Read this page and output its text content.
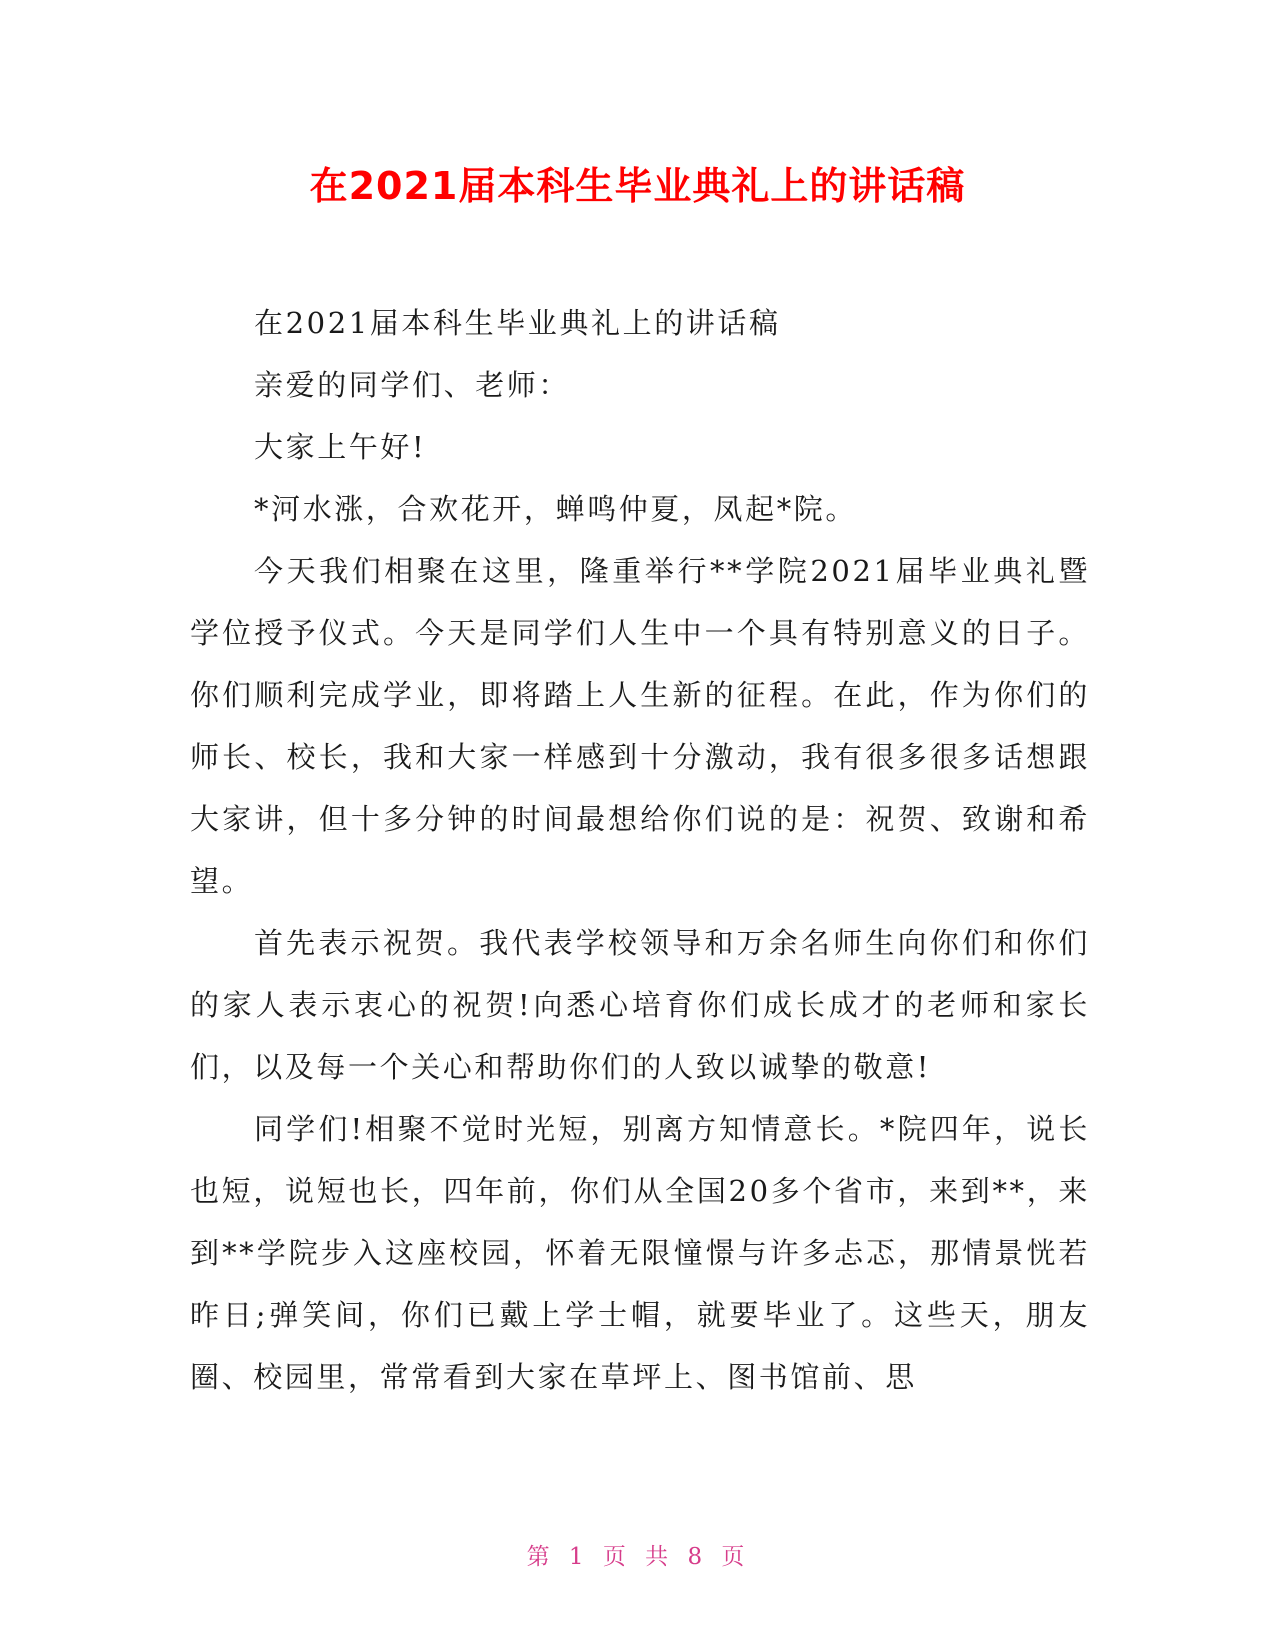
在2021届本科生毕业典礼上的讲话稿

在2021届本科生毕业典礼上的讲话稿

亲爱的同学们、老师：

大家上午好!

*河水涨，合欢花开，蝉鸣仲夏，凤起*院。

今天我们相聚在这里，隆重举行**学院2021届毕业典礼暨学位授予仪式。今天是同学们人生中一个具有特别意义的日子。你们顺利完成学业，即将踏上人生新的征程。在此，作为你们的师长、校长，我和大家一样感到十分激动，我有很多很多话想跟大家讲，但十多分钟的时间最想给你们说的是：祝贺、致谢和希望。

首先表示祝贺。我代表学校领导和万余名师生向你们和你们的家人表示衷心的祝贺!向悉心培育你们成长成才的老师和家长们，以及每一个关心和帮助你们的人致以诚挚的敬意!

同学们!相聚不觉时光短，别离方知情意长。*院四年，说长也短，说短也长，四年前，你们从全国20多个省市，来到**，来到**学院步入这座校园，怀着无限憧憬与许多忐忑，那情景恍若昨日;弹笑间，你们已戴上学士帽，就要毕业了。这些天，朋友圈、校园里，常常看到大家在草坪上、图书馆前、思

第 1 页 共 8 页
